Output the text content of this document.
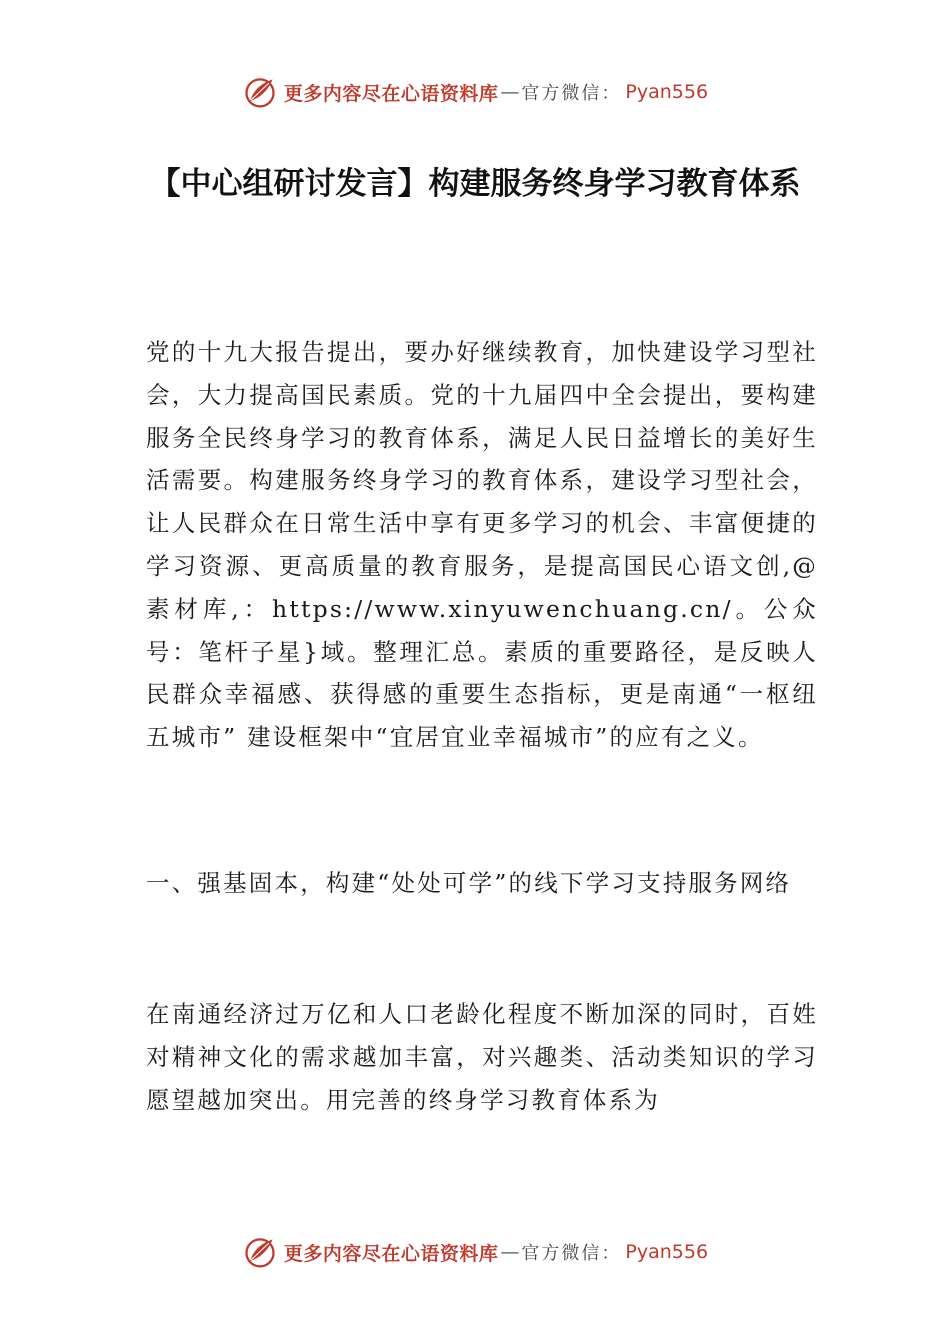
更多内容尽在心语资料库 — 官方微信： Pyan556
【中心组研讨发言】构建服务终身学习教育体系

党的十九大报告提出，要办好继续教育，加快建设学习型社会，大力提高国民素质。党的十九届四中全会提出，要构建服务全民终身学习的教育体系，满足人民日益增长的美好生活需要。构建服务终身学习的教育体系，建设学习型社会，让人民群众在日常生活中享有更多学习的机会、丰富便捷的学习资源、更高质量的教育服务，是提高国民心语文创,@素材库,：https://www.xinyuwenchuang.cn/。公众号：笔杆子星}域。整理汇总。素质的重要路径，是反映人民群众幸福感、获得感的重要生态指标，更是南通“一枢纽五城市” 建设框架中“宜居宜业幸福城市”的应有之义。

一、强基固本，构建“处处可学”的线下学习支持服务网络

在南通经济过万亿和人口老龄化程度不断加深的同时，百姓对精神文化的需求越加丰富，对兴趣类、活动类知识的学习愿望越加突出。用完善的终身学习教育体系为

更多内容尽在心语资料库 — 官方微信： Pyan556
